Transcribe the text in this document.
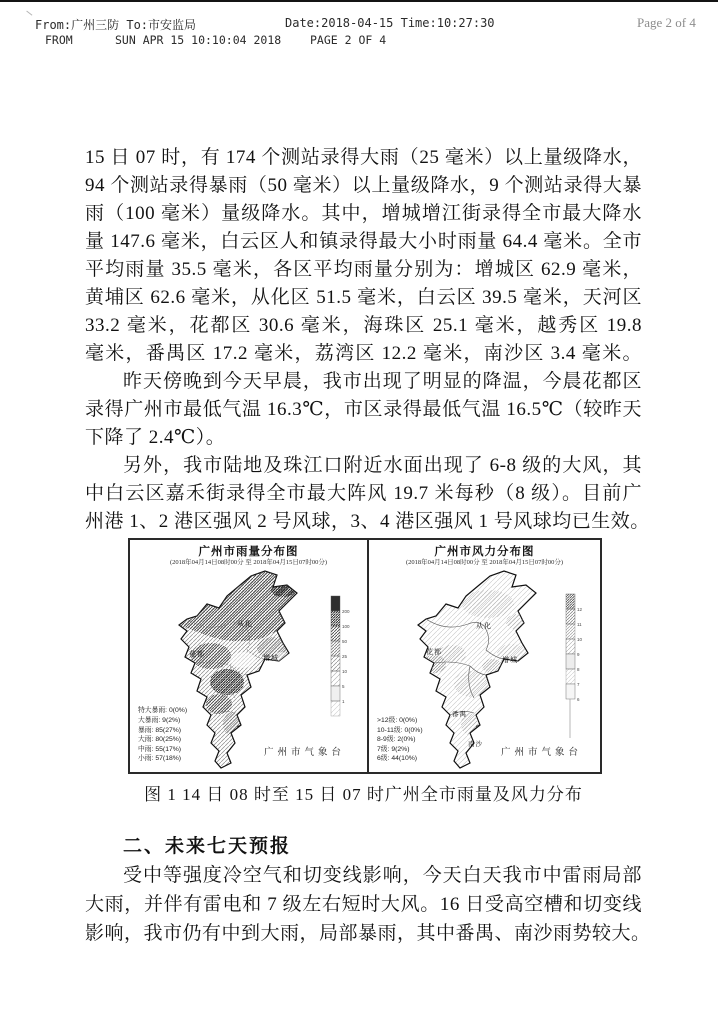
From:广州三防 To:市安监局	Date:2018-04-15 Time:10:27:30	Page 2 of 4
FROM	SUN APR 15 10:10:04 2018	PAGE 2 OF 4
15 日 07 时，有 174 个测站录得大雨（25 毫米）以上量级降水，
94 个测站录得暴雨（50 毫米）以上量级降水，9 个测站录得大暴
雨（100 毫米）量级降水。其中，增城增江街录得全市最大降水
量 147.6 毫米，白云区人和镇录得最大小时雨量 64.4 毫米。全市
平均雨量 35.5 毫米，各区平均雨量分别为：增城区 62.9 毫米，
黄埔区 62.6 毫米，从化区 51.5 毫米，白云区 39.5 毫米，天河区
33.2 毫米，花都区 30.6 毫米，海珠区 25.1 毫米，越秀区 19.8
毫米，番禺区 17.2 毫米，荔湾区 12.2 毫米，南沙区 3.4 毫米。
昨天傍晚到今天早晨，我市出现了明显的降温，今晨花都区
录得广州市最低气温 16.3℃，市区录得最低气温 16.5℃（较昨天
下降了 2.4℃）。
另外，我市陆地及珠江口附近水面出现了 6-8 级的大风，其
中白云区嘉禾街录得全市最大阵风 19.7 米每秒（8 级）。目前广
州港 1、2 港区强风 2 号风球，3、4 港区强风 1 号风球均已生效。
广州市雨量分布图
(2018年04月14日08时00分 至 2018年04月15日07时00分)
从化
花都
增城
200
100
50
25
10
5
1
特大暴雨: 0(0%)
大暴雨: 9(2%)
暴雨: 85(27%)
大雨: 80(25%)
中雨: 55(17%)
小雨: 57(18%)
广州市气象台
广州市风力分布图
(2018年04月14日08时00分 至 2018年04月15日07时00分)
从化
花都
增城
番禺
南沙
12
11
10
9
8
7
6
>12级: 0(0%)
10-11级: 0(0%)
8-9级: 2(0%)
7级: 9(2%)
6级: 44(10%)
广州市气象台
图 1 14 日 08 时至 15 日 07 时广州全市雨量及风力分布
二、未来七天预报
受中等强度冷空气和切变线影响，今天白天我市中雷雨局部
大雨，并伴有雷电和 7 级左右短时大风。16 日受高空槽和切变线
影响，我市仍有中到大雨，局部暴雨，其中番禺、南沙雨势较大。
